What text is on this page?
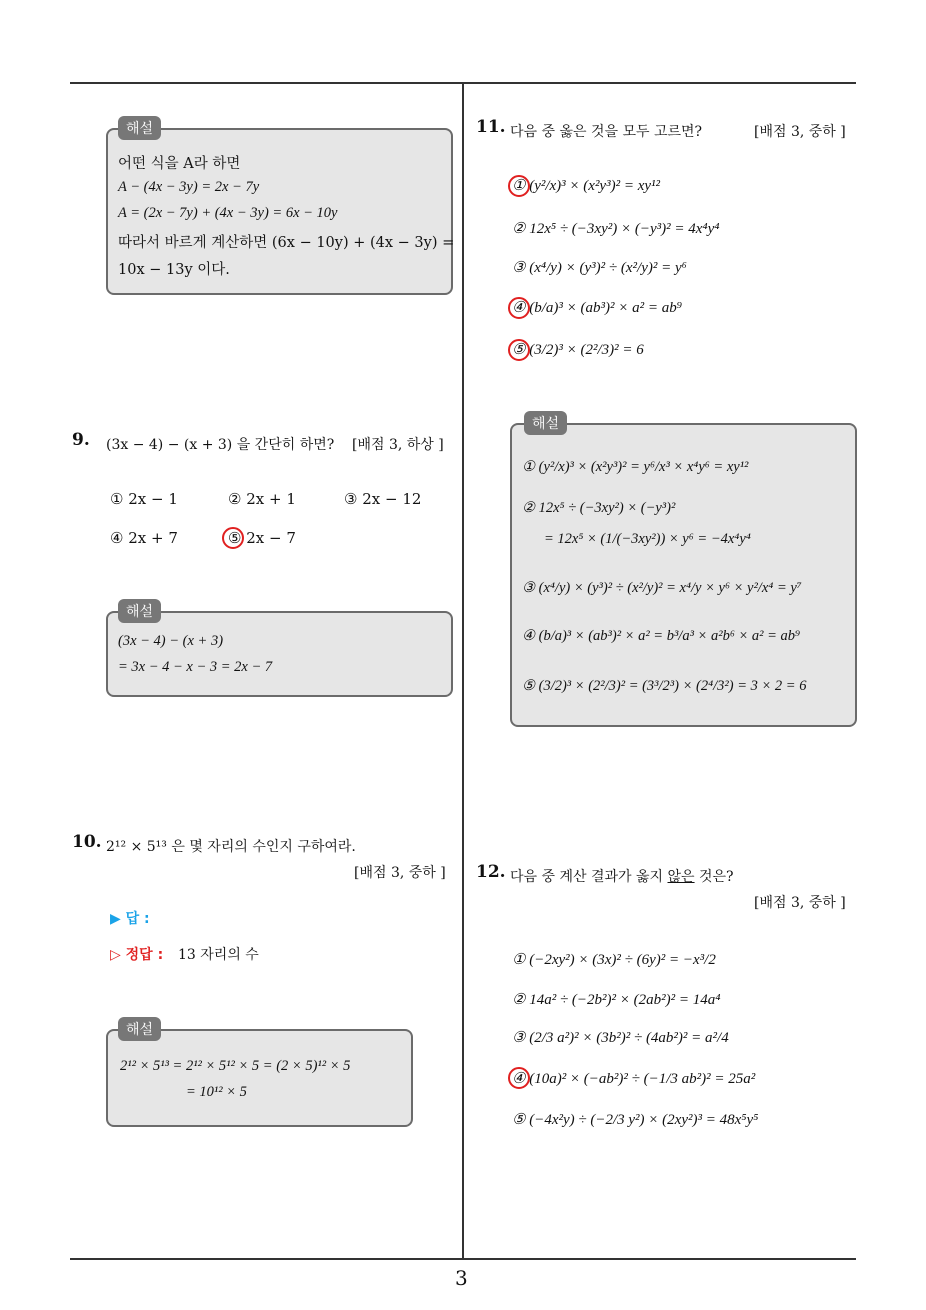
3
해설
어떤 식을 A라 하면
A − (4x − 3y) = 2x − 7y
A = (2x − 7y) + (4x − 3y) = 6x − 10y
따라서 바르게 계산하면 (6x − 10y) + (4x − 3y) =
10x − 13y 이다.
9. (3x − 4) − (x + 3) 을 간단히 하면? [배점 3, 하상 ]
① 2x − 1	② 2x + 1	③ 2x − 12
④ 2x + 7	⑤ 2x − 7
해설
(3x − 4) − (x + 3)
= 3x − 4 − x − 3 = 2x − 7
10. 2¹² × 5¹³ 은 몇 자리의 수인지 구하여라.
[배점 3, 중하 ]
▶ 답 :
▷ 정답 : 13 자리의 수
해설
2¹² × 5¹³ = 2¹² × 5¹² × 5 = (2 × 5)¹² × 5
= 10¹² × 5
11. 다음 중 옳은 것을 모두 고르면?	[배점 3, 중하 ]
① (y²/x)³ × (x²y³)² = xy¹²
② 12x⁵ ÷ (−3xy²) × (−y³)² = 4x⁴y⁴
③ (x⁴/y) × (y³)² ÷ (x²/y)² = y⁶
④ (b/a)³ × (ab³)² × a² = ab⁹
⑤ (3/2)³ × (2²/3)² = 6
해설
① (y²/x)³ × (x²y³)² = y⁶/x³ × x⁴y⁶ = xy¹²
② 12x⁵ ÷ (−3xy²) × (−y³)²
= 12x⁵ × (1/(−3xy²)) × y⁶ = −4x⁴y⁴
③ (x⁴/y) × (y³)² ÷ (x²/y)² = x⁴/y × y⁶ × y²/x⁴ = y⁷
④ (b/a)³ × (ab³)² × a² = b³/a³ × a²b⁶ × a² = ab⁹
⑤ (3/2)³ × (2²/3)² = (3³/2³) × (2⁴/3²) = 3 × 2 = 6
12. 다음 중 계산 결과가 옳지 않은 것은?
[배점 3, 중하 ]
① (−2xy²) × (3x)² ÷ (6y)² = −x³/2
② 14a² ÷ (−2b²)² × (2ab²)² = 14a⁴
③ (2/3 a²)² × (3b²)² ÷ (4ab²)² = a²/4
④ (10a)² × (−ab²)² ÷ (−1/3 ab²)² = 25a²
⑤ (−4x²y) ÷ (−2/3 y²) × (2xy²)³ = 48x⁵y⁵
